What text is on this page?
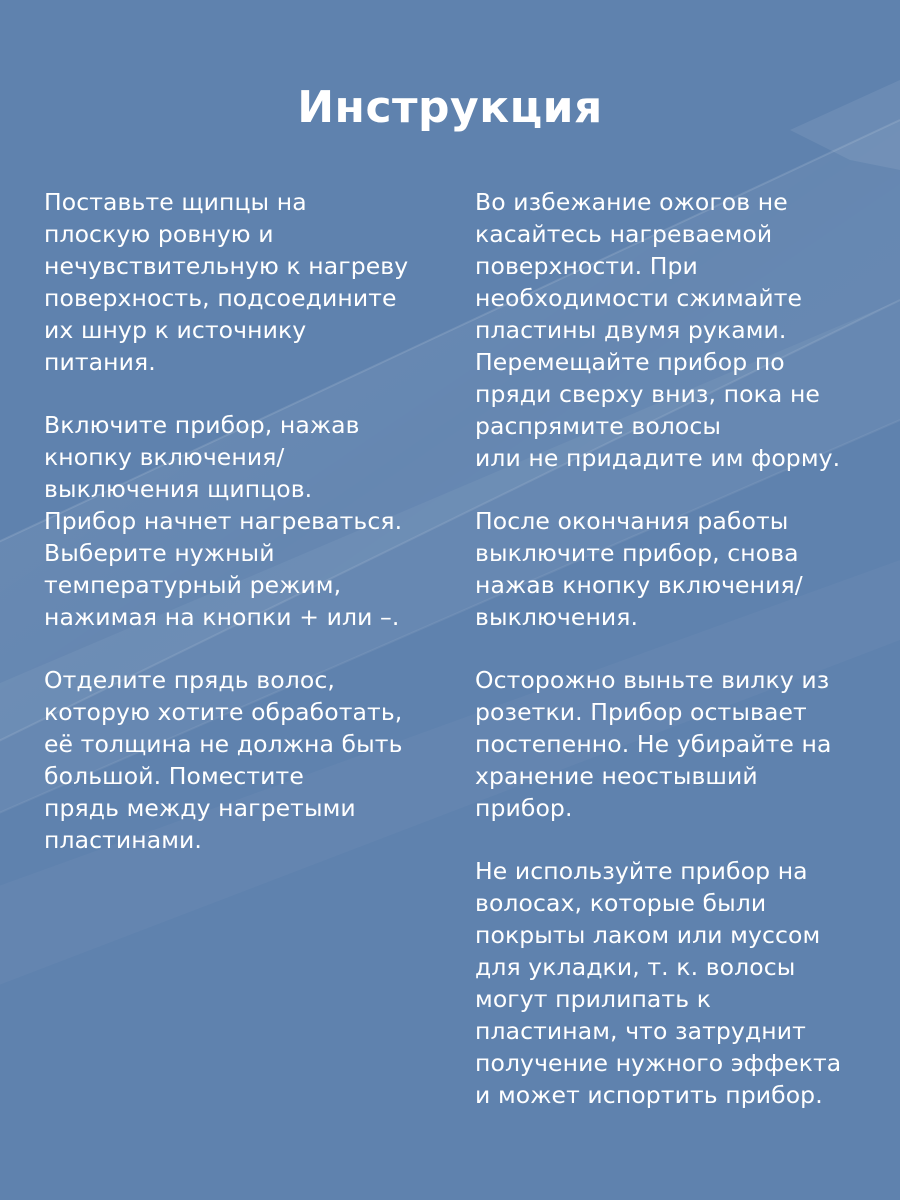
Инструкция

Поставьте щипцы на
плоскую ровную и
нечувствительную к нагреву
поверхность, подсоедините
их шнур к источнику
питания.

Включите прибор, нажав
кнопку включения/
выключения щипцов.
Прибор начнет нагреваться.
Выберите нужный
температурный режим,
нажимая на кнопки + или –.

Отделите прядь волос,
которую хотите обработать,
её толщина не должна быть
большой. Поместите
прядь между нагретыми
пластинами.

Во избежание ожогов не
касайтесь нагреваемой
поверхности. При
необходимости сжимайте
пластины двумя руками.
Перемещайте прибор по
пряди сверху вниз, пока не
распрямите волосы
или не придадите им форму.

После окончания работы
выключите прибор, снова
нажав кнопку включения/
выключения.

Осторожно выньте вилку из
розетки. Прибор остывает
постепенно. Не убирайте на
хранение неостывший
прибор.

Не используйте прибор на
волосах, которые были
покрыты лаком или муссом
для укладки, т. к. волосы
могут прилипать к
пластинам, что затруднит
получение нужного эффекта
и может испортить прибор.
